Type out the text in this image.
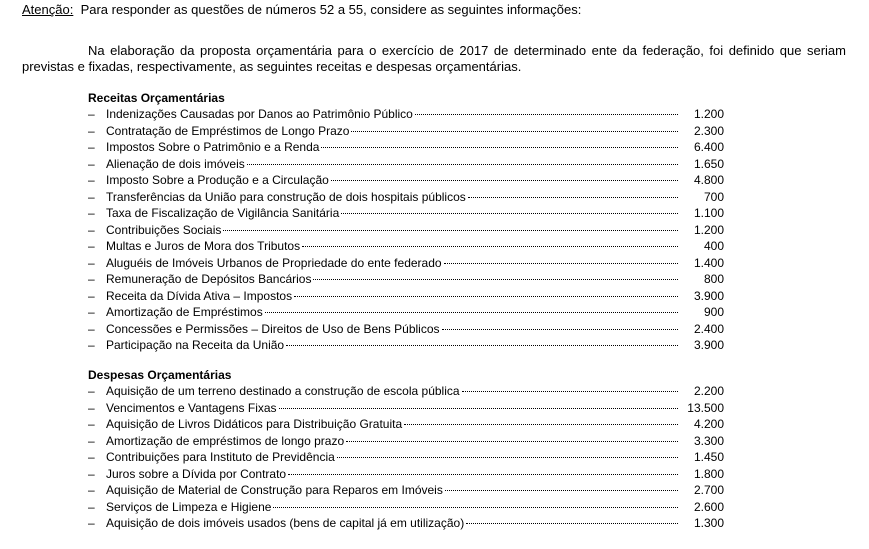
Atenção: Para responder as questões de números 52 a 55, considere as seguintes informações:
Na elaboração da proposta orçamentária para o exercício de 2017 de determinado ente da federação, foi definido que seriam previstas e fixadas, respectivamente, as seguintes receitas e despesas orçamentárias.
Receitas Orçamentárias
– Indenizações Causadas por Danos ao Patrimônio Público	1.200
– Contratação de Empréstimos de Longo Prazo	2.300
– Impostos Sobre o Patrimônio e a Renda	6.400
– Alienação de dois imóveis	1.650
– Imposto Sobre a Produção e a Circulação	4.800
– Transferências da União para construção de dois hospitais públicos	700
– Taxa de Fiscalização de Vigilância Sanitária	1.100
– Contribuições Sociais	1.200
– Multas e Juros de Mora dos Tributos	400
– Aluguéis de Imóveis Urbanos de Propriedade do ente federado	1.400
– Remuneração de Depósitos Bancários	800
– Receita da Dívida Ativa – Impostos	3.900
– Amortização de Empréstimos	900
– Concessões e Permissões – Direitos de Uso de Bens Públicos	2.400
– Participação na Receita da União	3.900
Despesas Orçamentárias
– Aquisição de um terreno destinado a construção de escola pública	2.200
– Vencimentos e Vantagens Fixas	13.500
– Aquisição de Livros Didáticos para Distribuição Gratuita	4.200
– Amortização de empréstimos de longo prazo	3.300
– Contribuições para Instituto de Previdência	1.450
– Juros sobre a Dívida por Contrato	1.800
– Aquisição de Material de Construção para Reparos em Imóveis	2.700
– Serviços de Limpeza e Higiene	2.600
– Aquisição de dois imóveis usados (bens de capital já em utilização)	1.300
